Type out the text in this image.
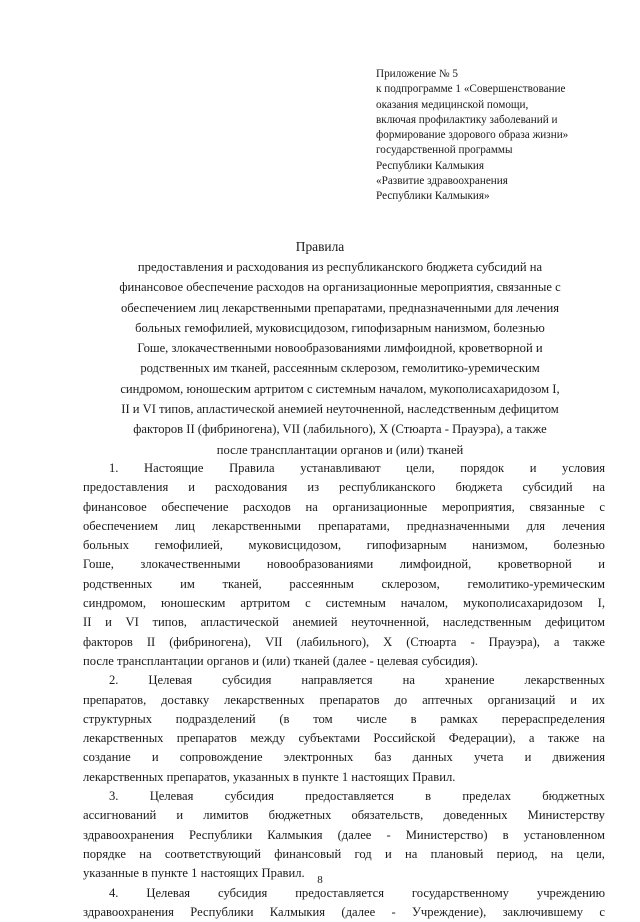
Приложение № 5
к подпрограмме 1 «Совершенствование
оказания медицинской помощи,
включая профилактику заболеваний и
формирование здорового образа жизни»
государственной программы
Республики Калмыкия
«Развитие здравоохранения
Республики Калмыкия»
Правила
предоставления и расходования из республиканского бюджета субсидий на
финансовое обеспечение расходов на организационные мероприятия, связанные с
обеспечением лиц лекарственными препаратами, предназначенными для лечения
больных гемофилией, муковисцидозом, гипофизарным нанизмом, болезнью
Гоше, злокачественными новообразованиями лимфоидной, кроветворной и
родственных им тканей, рассеянным склерозом, гемолитико-уремическим
синдромом, юношеским артритом с системным началом, мукополисахаридозом I,
II и VI типов, апластической анемией неуточненной, наследственным дефицитом
факторов II (фибриногена), VII (лабильного), X (Стюарта - Прауэра), а также
после трансплантации органов и (или) тканей
1. Настоящие Правила устанавливают цели, порядок и условия
предоставления и расходования из республиканского бюджета субсидий на
финансовое обеспечение расходов на организационные мероприятия, связанные с
обеспечением лиц лекарственными препаратами, предназначенными для лечения
больных гемофилией, муковисцидозом, гипофизарным нанизмом, болезнью
Гоше, злокачественными новообразованиями лимфоидной, кроветворной и
родственных им тканей, рассеянным склерозом, гемолитико-уремическим
синдромом, юношеским артритом с системным началом, мукополисахаридозом I,
II и VI типов, апластической анемией неуточненной, наследственным дефицитом
факторов II (фибриногена), VII (лабильного), X (Стюарта - Прауэра), а также
после трансплантации органов и (или) тканей (далее - целевая субсидия).
2. Целевая субсидия направляется на хранение лекарственных
препаратов, доставку лекарственных препаратов до аптечных организаций и их
структурных подразделений (в том числе в рамках перераспределения
лекарственных препаратов между субъектами Российской Федерации), а также на
создание и сопровождение электронных баз данных учета и движения
лекарственных препаратов, указанных в пункте 1 настоящих Правил.
3. Целевая субсидия предоставляется в пределах бюджетных
ассигнований и лимитов бюджетных обязательств, доведенных Министерству
здравоохранения Республики Калмыкия (далее - Министерство) в установленном
порядке на соответствующий финансовый год и на плановый период, на цели,
указанные в пункте 1 настоящих Правил.
4. Целевая субсидия предоставляется государственному учреждению
здравоохранения Республики Калмыкия (далее - Учреждение), заключившему с
8
